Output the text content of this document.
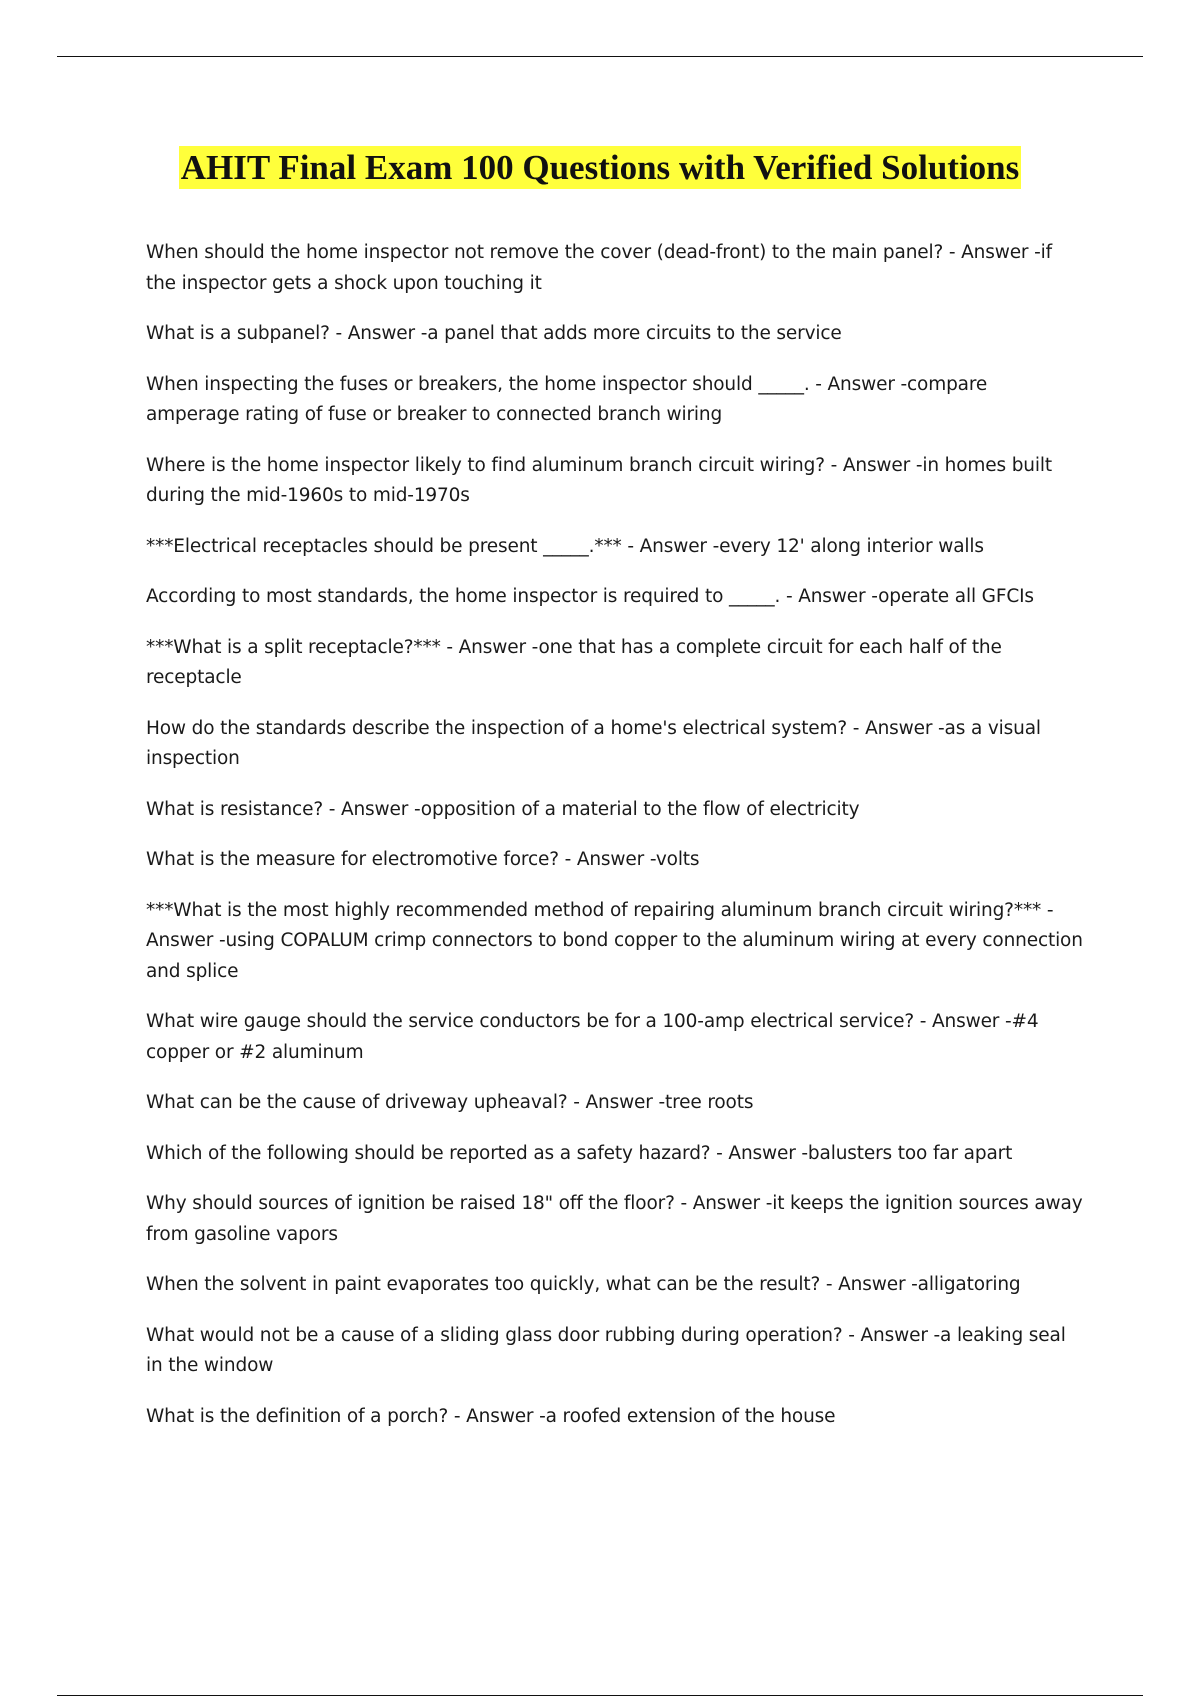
AHIT Final Exam 100 Questions with Verified Solutions

When should the home inspector not remove the cover (dead-front) to the main panel? - Answer -if the inspector gets a shock upon touching it

What is a subpanel? - Answer -a panel that adds more circuits to the service

When inspecting the fuses or breakers, the home inspector should _____. - Answer -compare amperage rating of fuse or breaker to connected branch wiring

Where is the home inspector likely to find aluminum branch circuit wiring? - Answer -in homes built during the mid-1960s to mid-1970s

***Electrical receptacles should be present _____.*** - Answer -every 12' along interior walls

According to most standards, the home inspector is required to _____. - Answer -operate all GFCIs

***What is a split receptacle?*** - Answer -one that has a complete circuit for each half of the receptacle

How do the standards describe the inspection of a home's electrical system? - Answer -as a visual inspection

What is resistance? - Answer -opposition of a material to the flow of electricity

What is the measure for electromotive force? - Answer -volts

***What is the most highly recommended method of repairing aluminum branch circuit wiring?*** - Answer -using COPALUM crimp connectors to bond copper to the aluminum wiring at every connection and splice

What wire gauge should the service conductors be for a 100-amp electrical service? - Answer -#4 copper or #2 aluminum

What can be the cause of driveway upheaval? - Answer -tree roots

Which of the following should be reported as a safety hazard? - Answer -balusters too far apart

Why should sources of ignition be raised 18" off the floor? - Answer -it keeps the ignition sources away from gasoline vapors

When the solvent in paint evaporates too quickly, what can be the result? - Answer -alligatoring

What would not be a cause of a sliding glass door rubbing during operation? - Answer -a leaking seal in the window

What is the definition of a porch? - Answer -a roofed extension of the house
